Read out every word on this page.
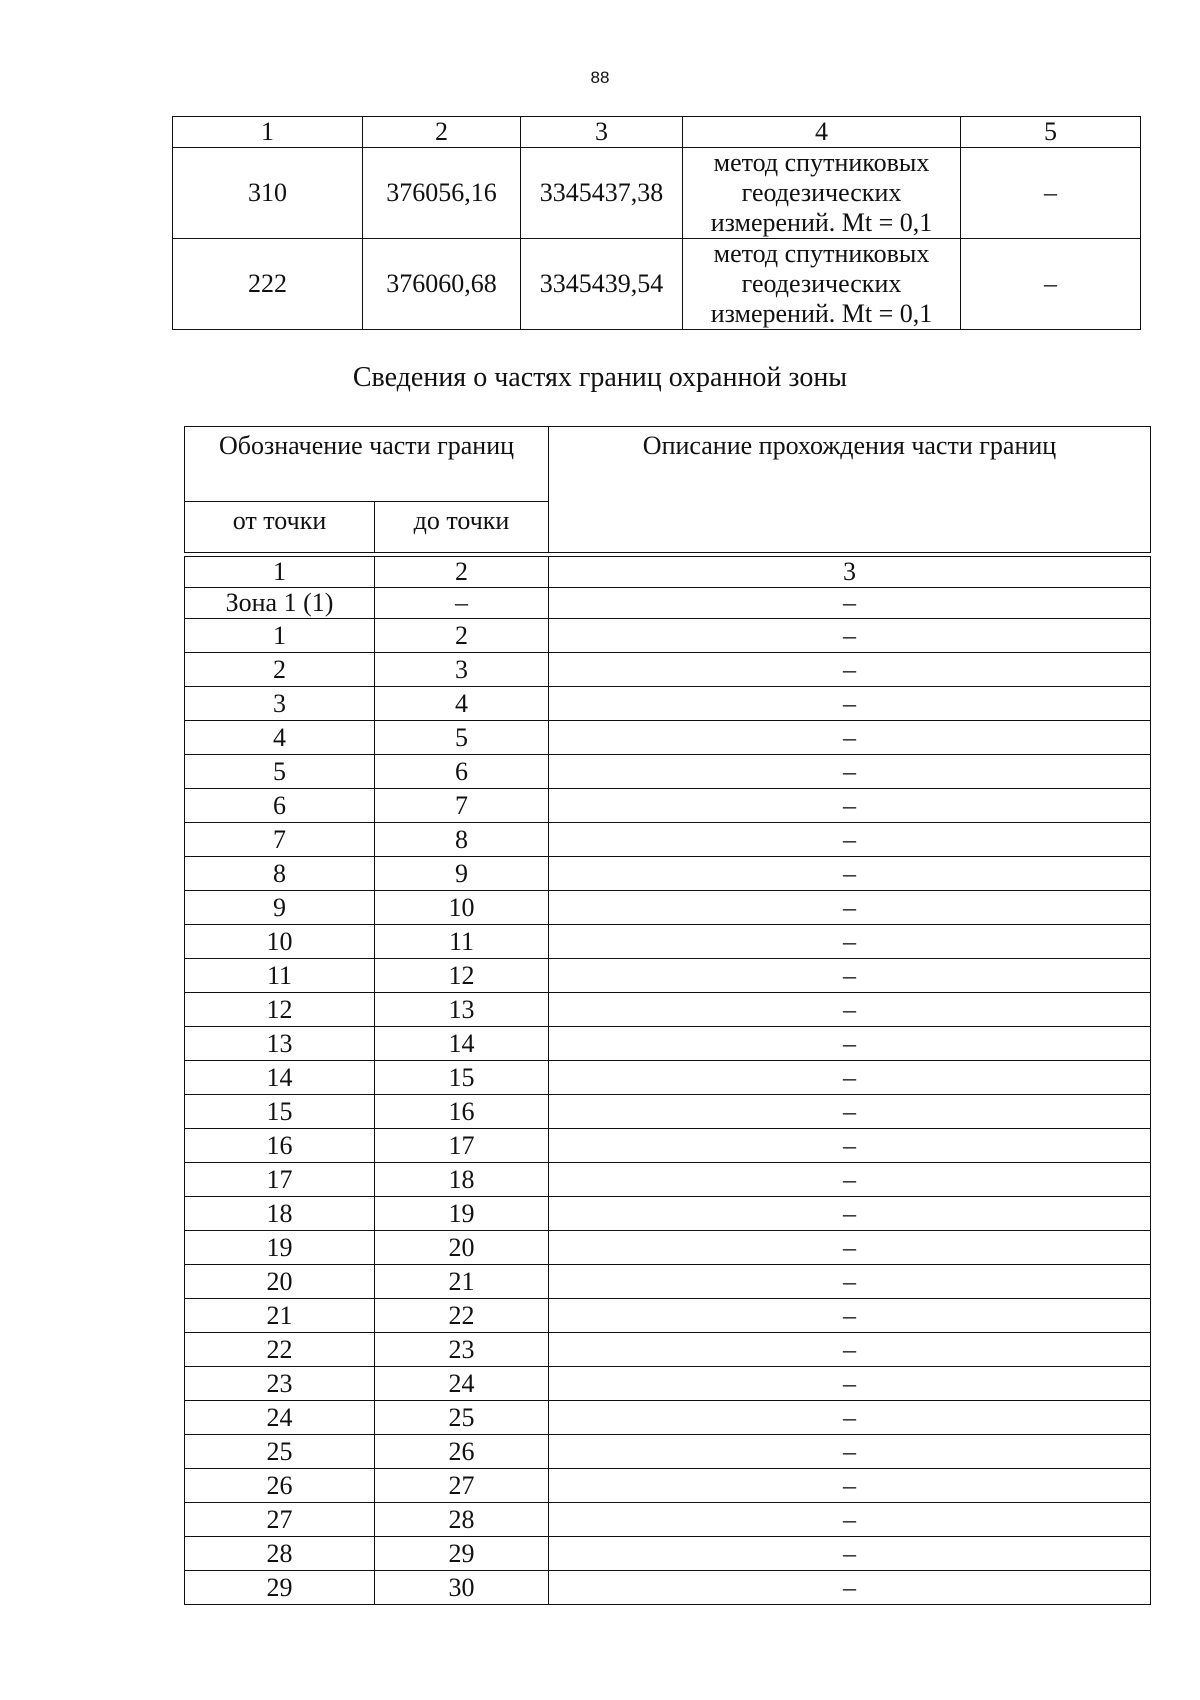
88
1	2	3	4	5
310	376056,16	3345437,38	метод спутниковых
геодезических
измерений. Mt = 0,1	–
222	376060,68	3345439,54	метод спутниковых
геодезических
измерений. Mt = 0,1	–
Сведения о частях границ охранной зоны
Обозначение части границ		Описание прохождения части границ
от точки	до точки	

1	2	3
Зона 1 (1)	–	–
1	2	–
2	3	–
3	4	–
4	5	–
5	6	–
6	7	–
7	8	–
8	9	–
9	10	–
10	11	–
11	12	–
12	13	–
13	14	–
14	15	–
15	16	–
16	17	–
17	18	–
18	19	–
19	20	–
20	21	–
21	22	–
22	23	–
23	24	–
24	25	–
25	26	–
26	27	–
27	28	–
28	29	–
29	30	–
